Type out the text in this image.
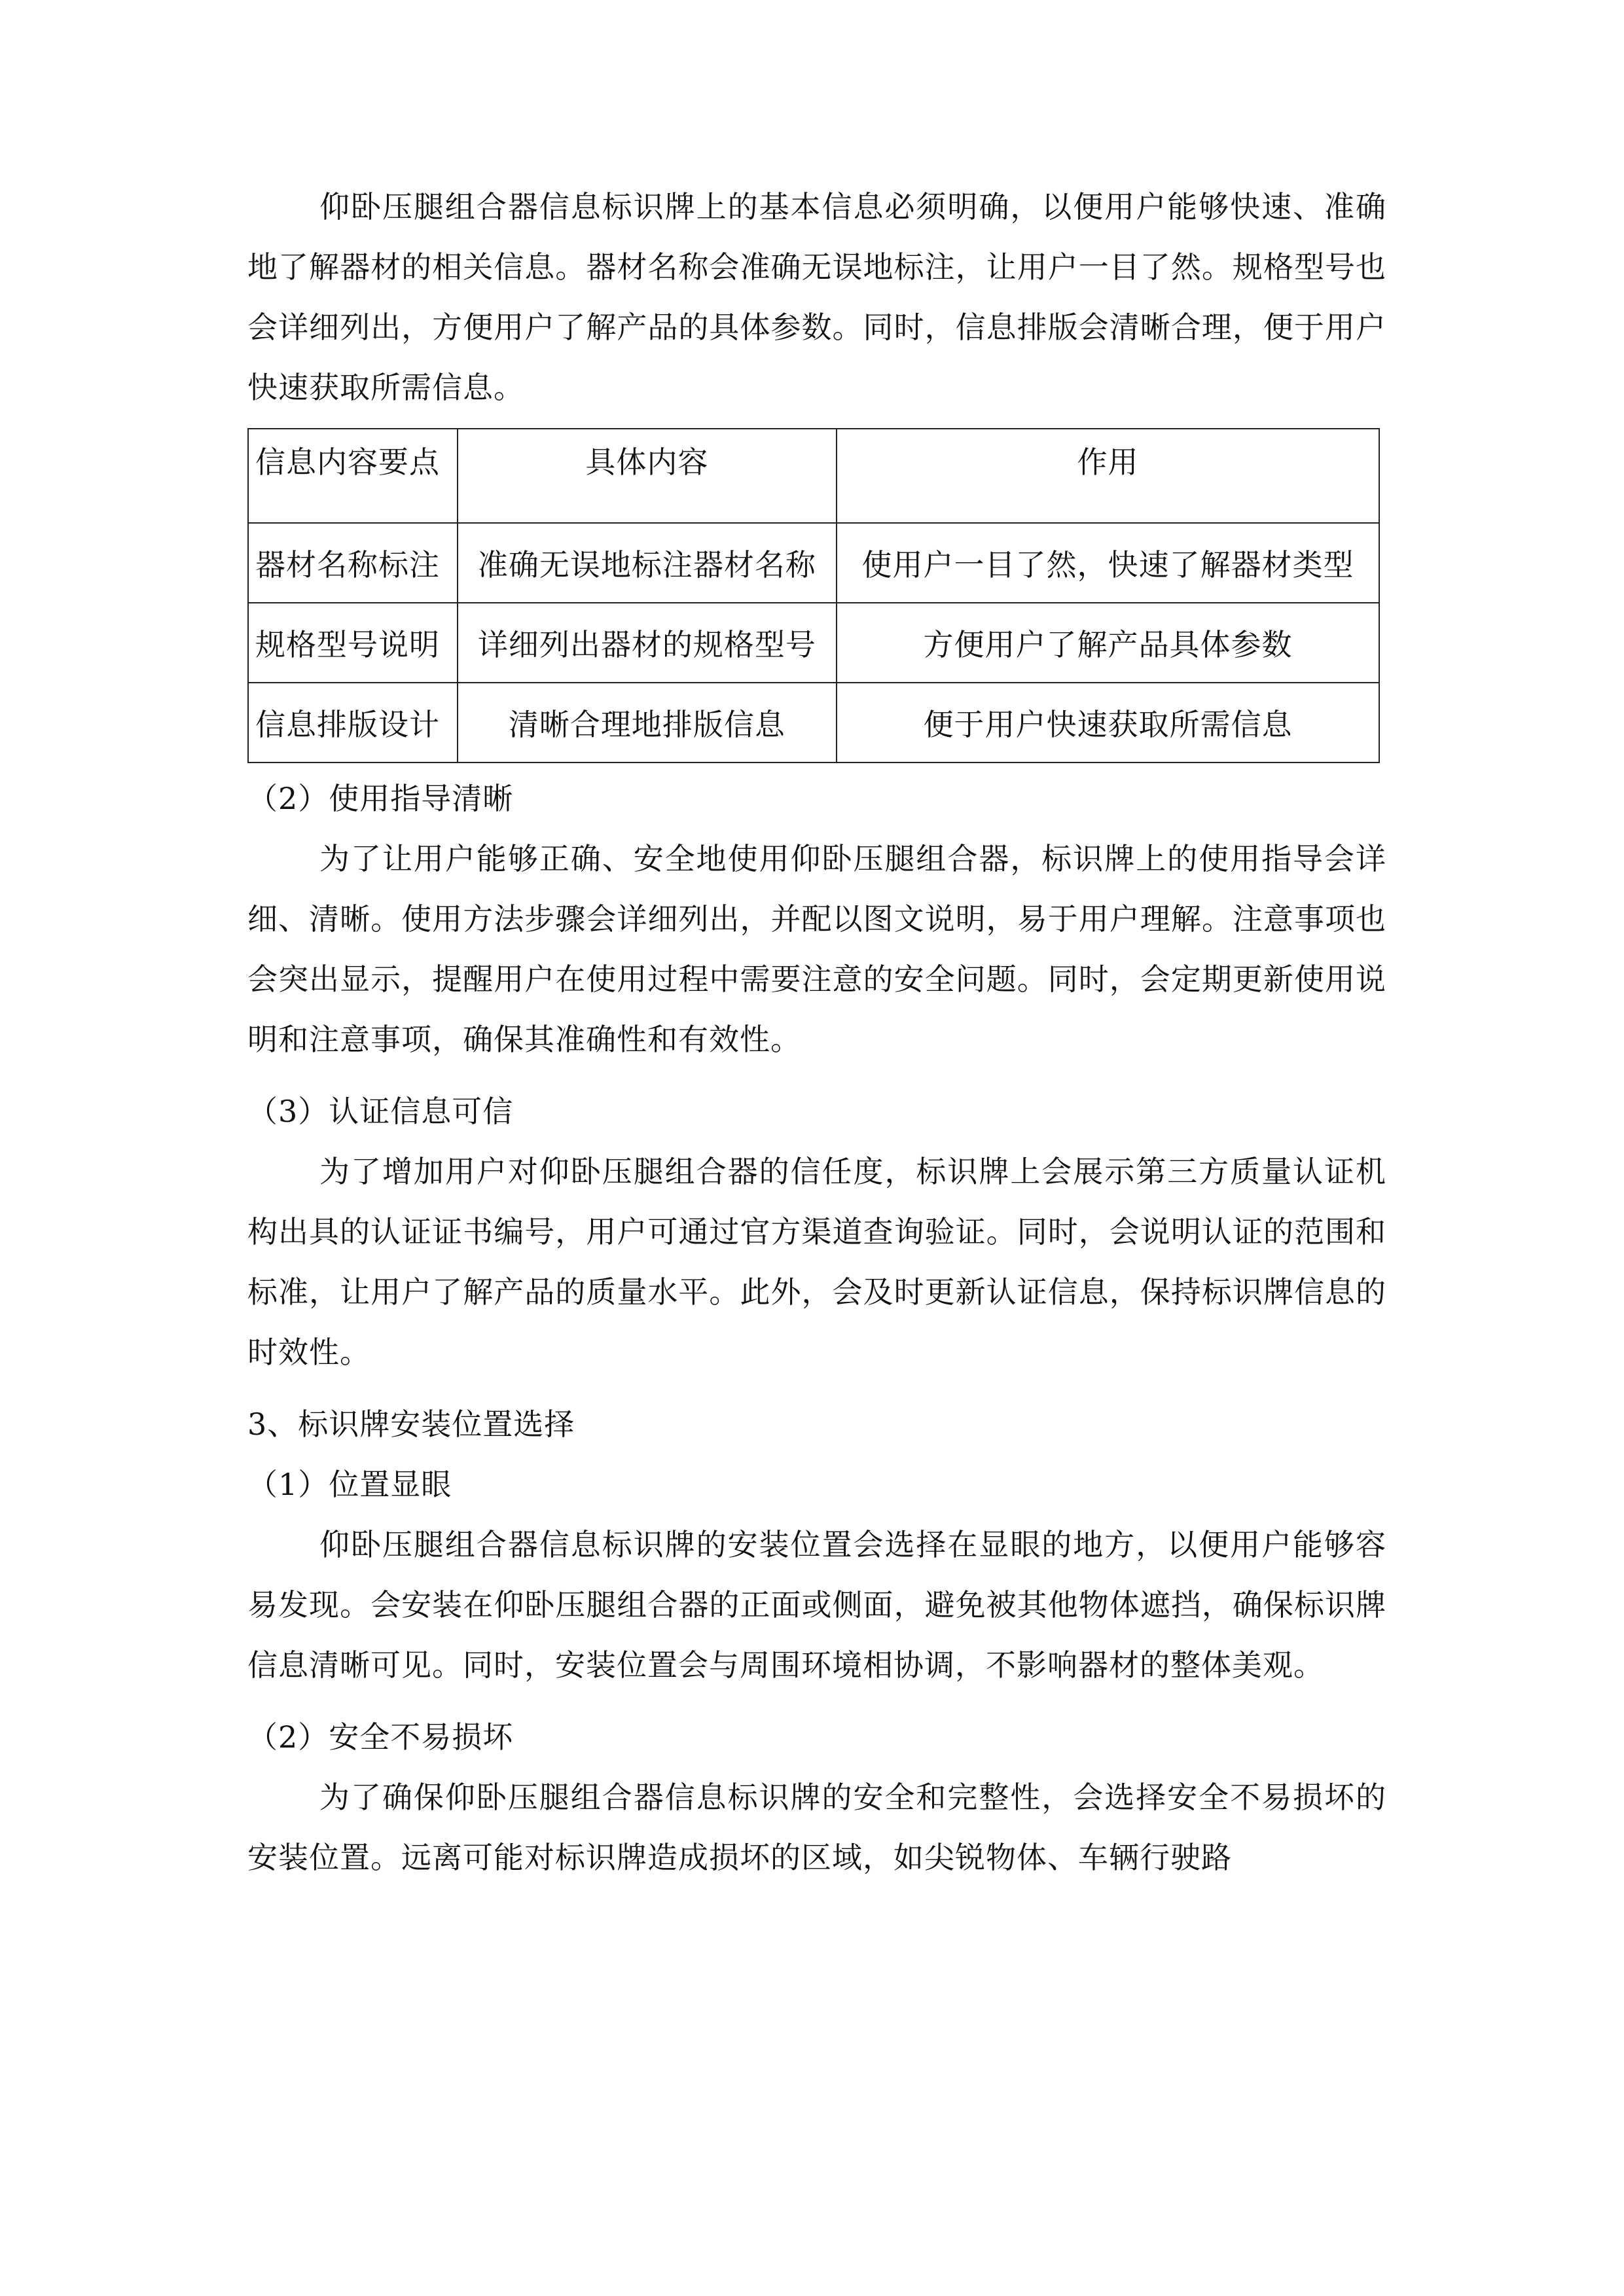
仰卧压腿组合器信息标识牌上的基本信息必须明确，以便用户能够快速、准确地了解器材的相关信息。器材名称会准确无误地标注，让用户一目了然。规格型号也会详细列出，方便用户了解产品的具体参数。同时，信息排版会清晰合理，便于用户快速获取所需信息。

信息内容要点	具体内容	作用
器材名称标注	准确无误地标注器材名称	使用户一目了然，快速了解器材类型
规格型号说明	详细列出器材的规格型号	方便用户了解产品具体参数
信息排版设计	清晰合理地排版信息	便于用户快速获取所需信息

（2）使用指导清晰

为了让用户能够正确、安全地使用仰卧压腿组合器，标识牌上的使用指导会详细、清晰。使用方法步骤会详细列出，并配以图文说明，易于用户理解。注意事项也会突出显示，提醒用户在使用过程中需要注意的安全问题。同时，会定期更新使用说明和注意事项，确保其准确性和有效性。

（3）认证信息可信

为了增加用户对仰卧压腿组合器的信任度，标识牌上会展示第三方质量认证机构出具的认证证书编号，用户可通过官方渠道查询验证。同时，会说明认证的范围和标准，让用户了解产品的质量水平。此外，会及时更新认证信息，保持标识牌信息的时效性。

3、标识牌安装位置选择

（1）位置显眼

仰卧压腿组合器信息标识牌的安装位置会选择在显眼的地方，以便用户能够容易发现。会安装在仰卧压腿组合器的正面或侧面，避免被其他物体遮挡，确保标识牌信息清晰可见。同时，安装位置会与周围环境相协调，不影响器材的整体美观。

（2）安全不易损坏

为了确保仰卧压腿组合器信息标识牌的安全和完整性，会选择安全不易损坏的安装位置。远离可能对标识牌造成损坏的区域，如尖锐物体、车辆行驶路
